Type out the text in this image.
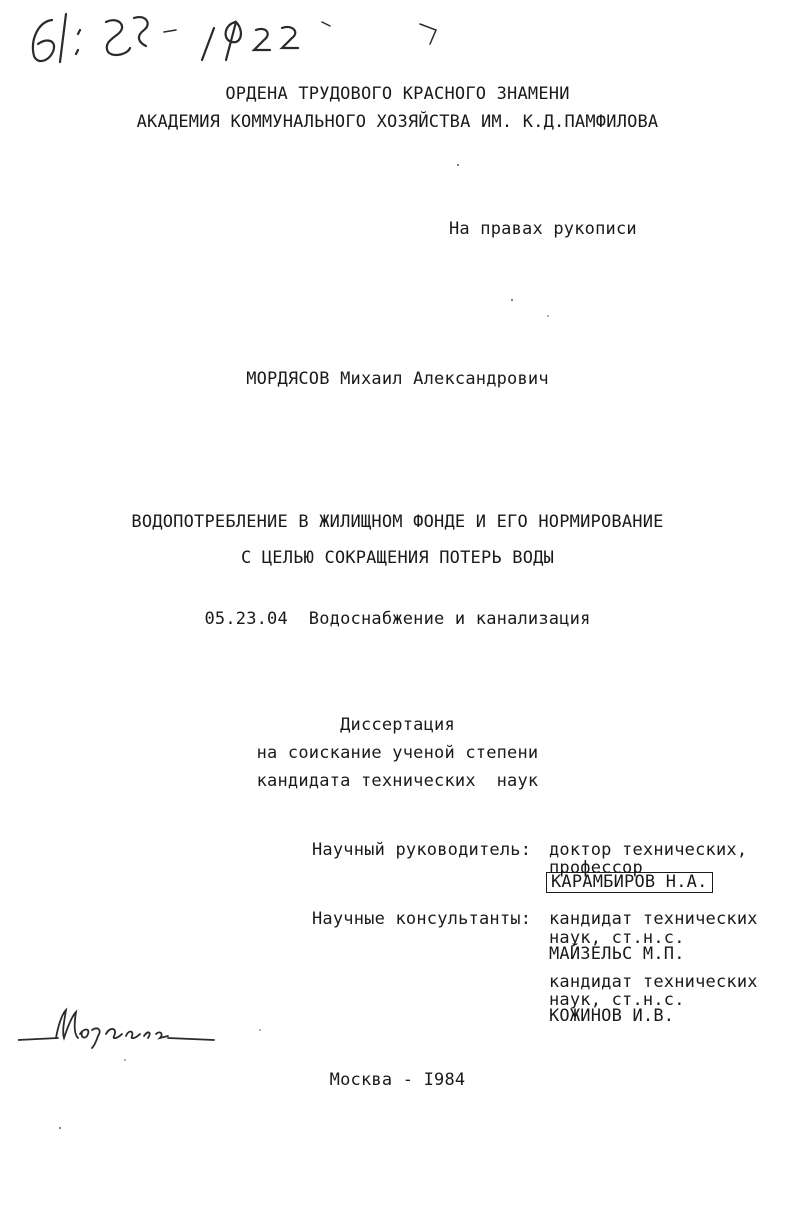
ОРДЕНА ТРУДОВОГО КРАСНОГО ЗНАМЕНИ
АКАДЕМИЯ КОММУНАЛЬНОГО ХОЗЯЙСТВА ИМ. К.Д.ПАМФИЛОВА
На правах рукописи
МОРДЯСОВ Михаил Александрович
ВОДОПОТРЕБЛЕНИЕ В ЖИЛИЩНОМ ФОНДЕ И ЕГО НОРМИРОВАНИЕ
С ЦЕЛЬЮ СОКРАЩЕНИЯ ПОТЕРЬ ВОДЫ
05.23.04  Водоснабжение и канализация
Диссертация
на соискание ученой степени
кандидата технических  наук
Научный руководитель: доктор технических,
профессор
КАРАМБИРОВ Н.А.
Научные консультанты: кандидат технических
наук, ст.н.с.
МАЙЗЕЛЬС М.П.
кандидат технических
наук, ст.н.с.
КОЖИНОВ И.В.
Москва - I984
